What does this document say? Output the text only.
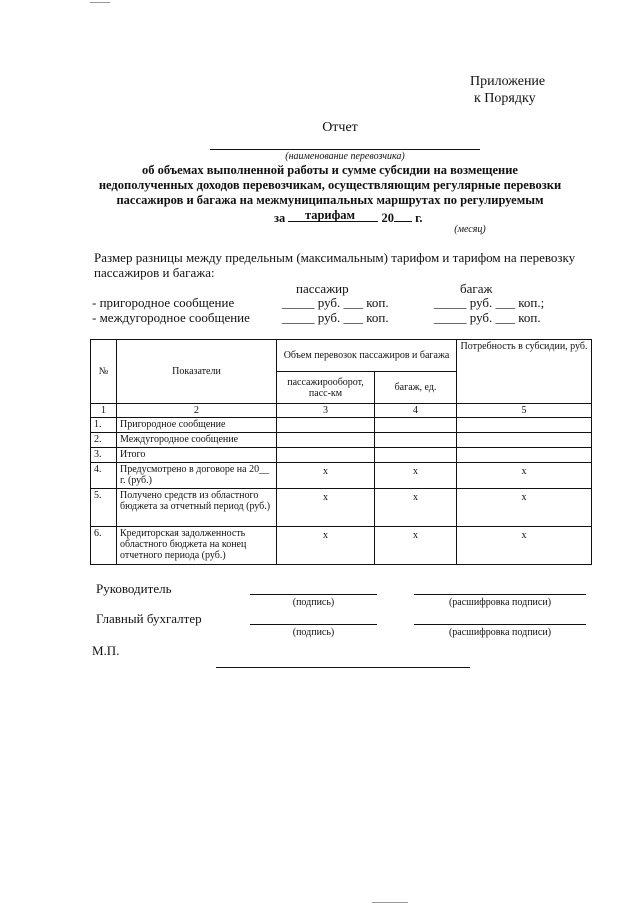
Приложение
к Порядку
Отчет
(наименование перевозчика)
об объемах выполненной работы и сумме субсидии на возмещение недополученных доходов перевозчикам, осуществляющим регулярные перевозки пассажиров и багажа на межмуниципальных маршрутах по регулируемым тарифам
за	20 г.
(месяц)
Размер разницы между предельным (максимальным) тарифом и тарифом на перевозку пассажиров и багажа:
пассажир	багаж
- пригородное сообщение	_____ руб. ___ коп.	_____ руб. ___ коп.;
- междугородное сообщение _____ руб. ___ коп.	_____ руб. ___ коп.
№	Показатели	Объем перевозок пассажиров и багажа		Потребность в субсидии, руб.
		пассажирооборот, пасс-км	багаж, ед.	
1	2	3	4	5
1.	Пригородное сообщение			
2.	Междугородное сообщение			
3.	Итого			
4.	Предусмотрено в договоре на 20__ г. (руб.)	х	х	х
5.	Получено средств из областного бюджета за отчетный период (руб.)	х	х	х
6.	Кредиторская задолженность областного бюджета на конец отчетного периода (руб.)	х	х	х
Руководитель
(подпись)	(расшифровка подписи)
Главный бухгалтер
(подпись)	(расшифровка подписи)
М.П.
